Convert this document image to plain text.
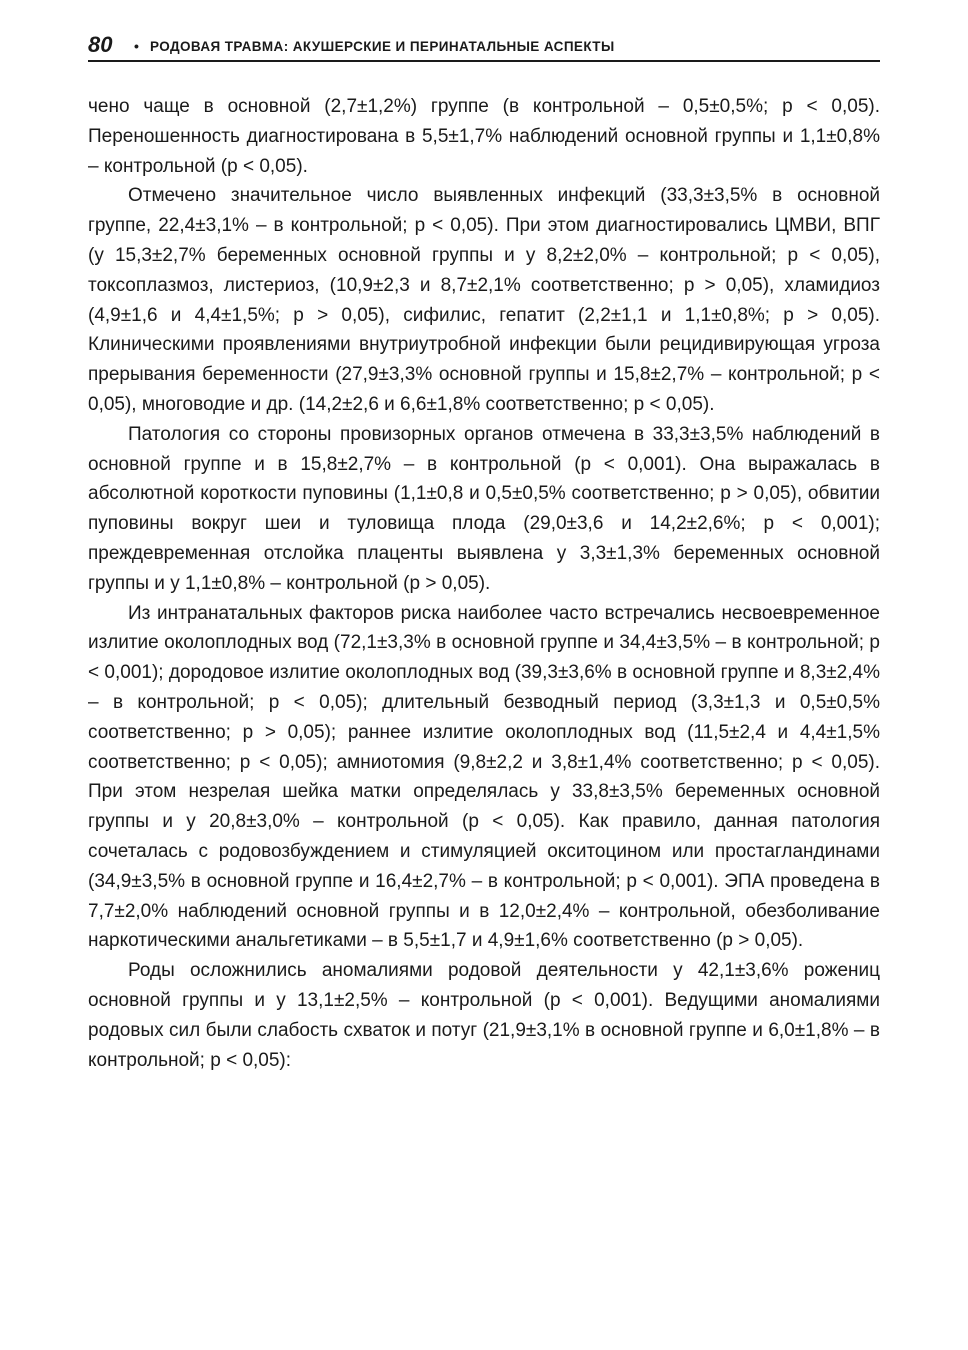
80 • РОДОВАЯ ТРАВМА: АКУШЕРСКИЕ И ПЕРИНАТАЛЬНЫЕ АСПЕКТЫ

чено чаще в основной (2,7±1,2%) группе (в контрольной – 0,5±0,5%; p < 0,05). Переношенность диагностирована в 5,5±1,7% наблюдений основной группы и 1,1±0,8% – контрольной (p < 0,05).

Отмечено значительное число выявленных инфекций (33,3±3,5% в основной группе, 22,4±3,1% – в контрольной; p < 0,05). При этом диагностировались ЦМВИ, ВПГ (у 15,3±2,7% беременных основной группы и у 8,2±2,0% – контрольной; p < 0,05), токсоплазмоз, листериоз, (10,9±2,3 и 8,7±2,1% соответственно; p > 0,05), хламидиоз (4,9±1,6 и 4,4±1,5%; p > 0,05), сифилис, гепатит (2,2±1,1 и 1,1±0,8%; p > 0,05). Клиническими проявлениями внутриутробной инфекции были рецидивирующая угроза прерывания беременности (27,9±3,3% основной группы и 15,8±2,7% – контрольной; p < 0,05), многоводие и др. (14,2±2,6 и 6,6±1,8% соответственно; p < 0,05).

Патология со стороны провизорных органов отмечена в 33,3±3,5% наблюдений в основной группе и в 15,8±2,7% – в контрольной (p < 0,001). Она выражалась в абсолютной короткости пуповины (1,1±0,8 и 0,5±0,5% соответственно; p > 0,05), обвитии пуповины вокруг шеи и туловища плода (29,0±3,6 и 14,2±2,6%; p < 0,001); преждевременная отслойка плаценты выявлена у 3,3±1,3% беременных основной группы и у 1,1±0,8% – контрольной (p > 0,05).

Из интранатальных факторов риска наиболее часто встречались несвоевременное излитие околоплодных вод (72,1±3,3% в основной группе и 34,4±3,5% – в контрольной; p < 0,001); дородовое излитие околоплодных вод (39,3±3,6% в основной группе и 8,3±2,4% – в контрольной; p < 0,05); длительный безводный период (3,3±1,3 и 0,5±0,5% соответственно; p > 0,05); раннее излитие околоплодных вод (11,5±2,4 и 4,4±1,5% соответственно; p < 0,05); амниотомия (9,8±2,2 и 3,8±1,4% соответственно; p < 0,05). При этом незрелая шейка матки определялась у 33,8±3,5% беременных основной группы и у 20,8±3,0% – контрольной (p < 0,05). Как правило, данная патология сочеталась с родовозбуждением и стимуляцией окситоцином или простагландинами (34,9±3,5% в основной группе и 16,4±2,7% – в контрольной; p < 0,001). ЭПА проведена в 7,7±2,0% наблюдений основной группы и в 12,0±2,4% – контрольной, обезболивание наркотическими анальгетиками – в 5,5±1,7 и 4,9±1,6% соответственно (p > 0,05).

Роды осложнились аномалиями родовой деятельности у 42,1±3,6% рожениц основной группы и у 13,1±2,5% – контрольной (p < 0,001). Ведущими аномалиями родовых сил были слабость схваток и потуг (21,9±3,1% в основной группе и 6,0±1,8% – в контрольной; p < 0,05):
